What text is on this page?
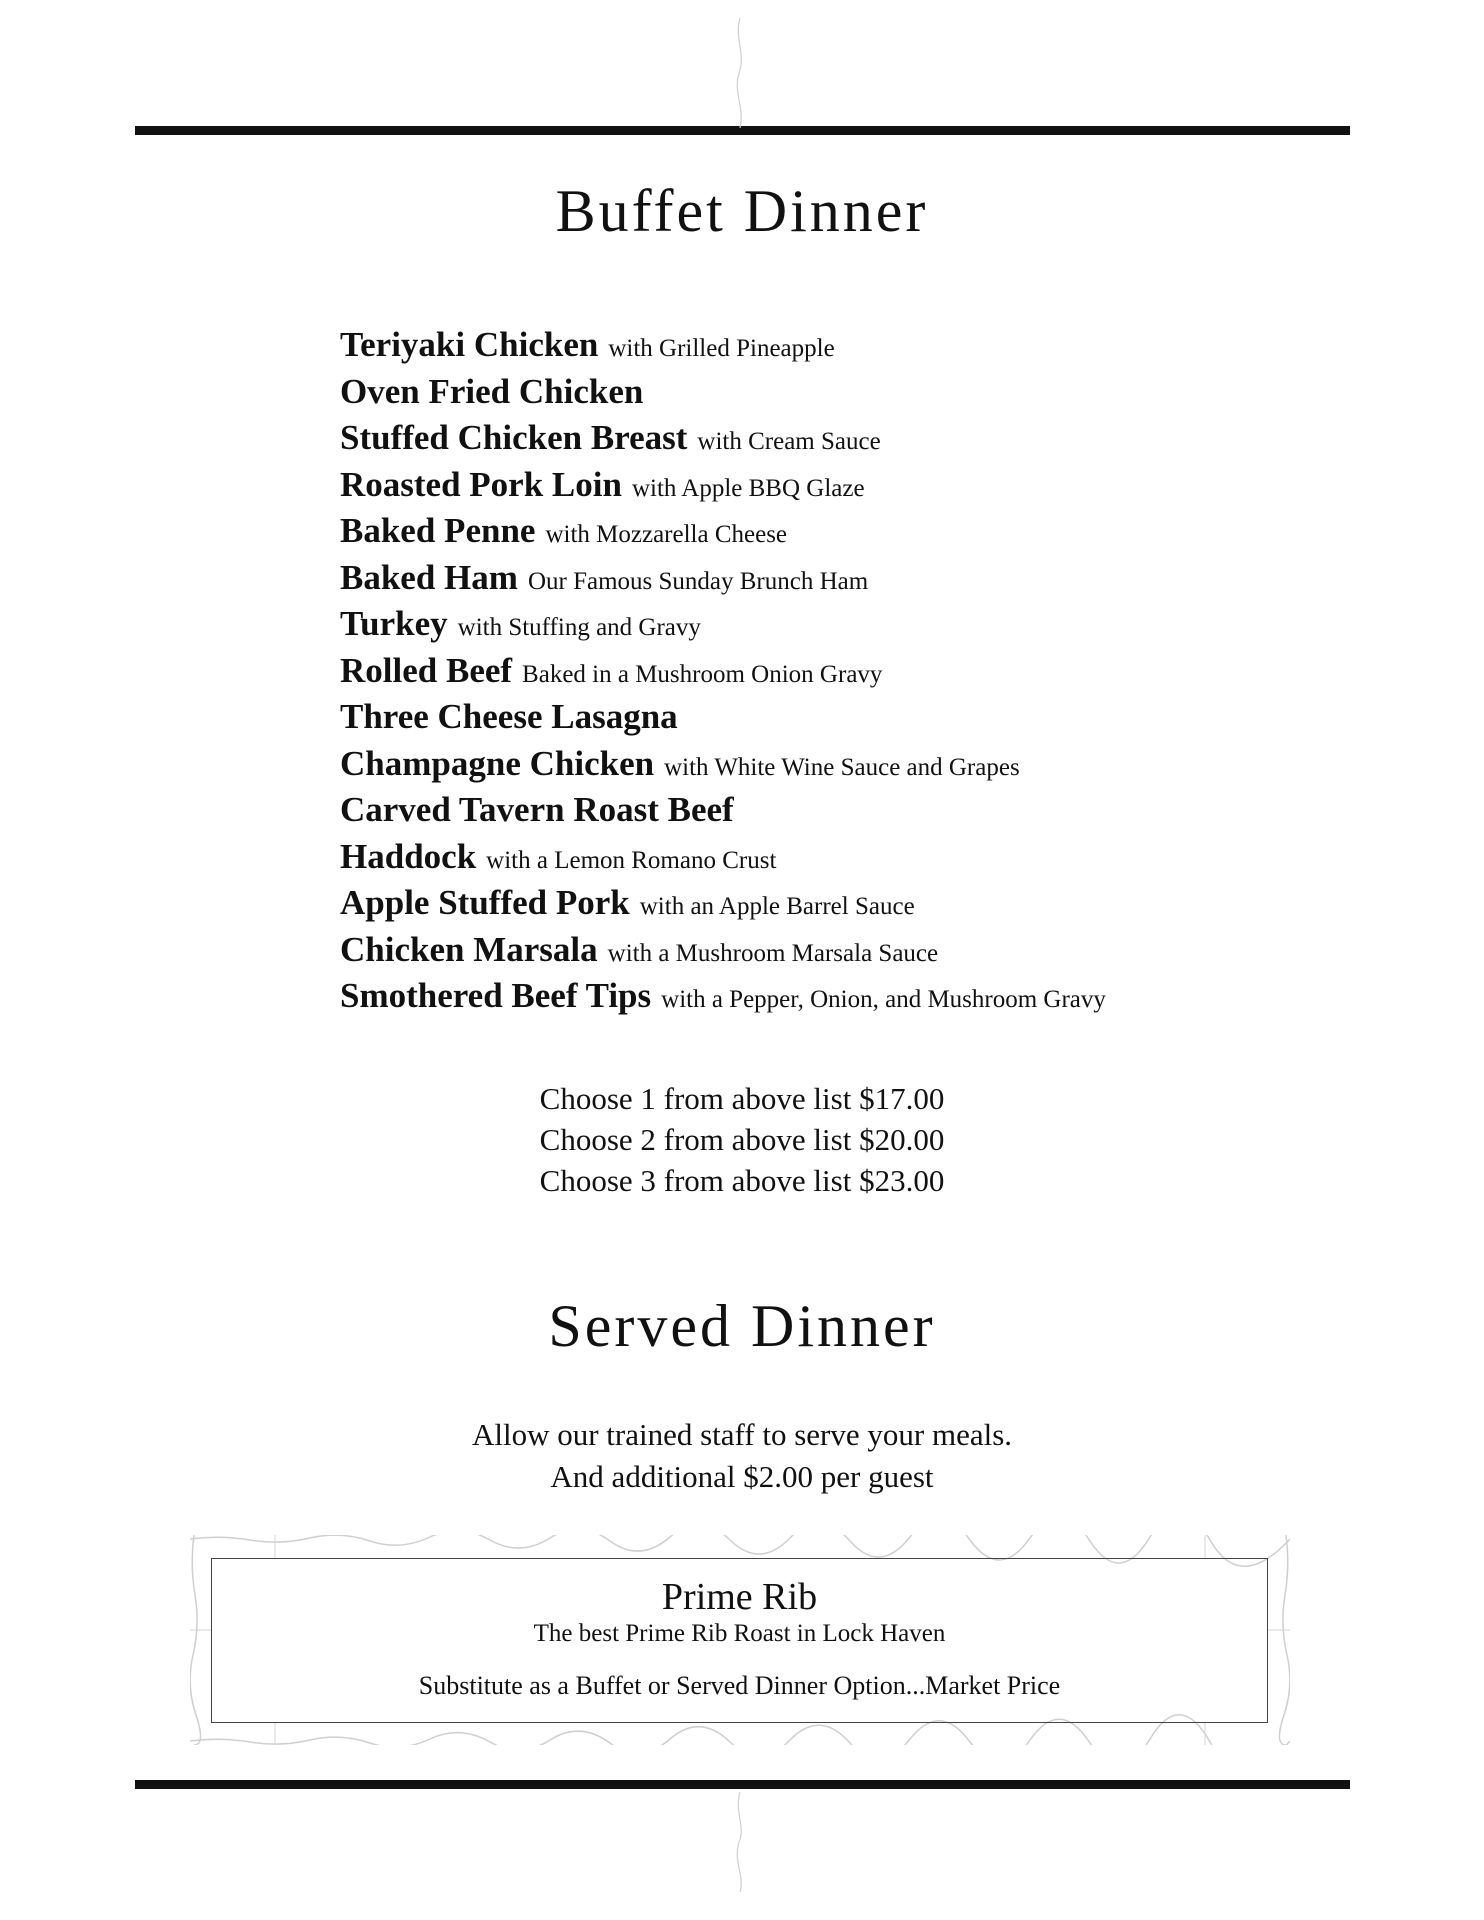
Buffet Dinner
Teriyaki Chicken with Grilled Pineapple
Oven Fried Chicken
Stuffed Chicken Breast with Cream Sauce
Roasted Pork Loin with Apple BBQ Glaze
Baked Penne with Mozzarella Cheese
Baked Ham Our Famous Sunday Brunch Ham
Turkey with Stuffing and Gravy
Rolled Beef Baked in a Mushroom Onion Gravy
Three Cheese Lasagna
Champagne Chicken with White Wine Sauce and Grapes
Carved Tavern Roast Beef
Haddock with a Lemon Romano Crust
Apple Stuffed Pork with an Apple Barrel Sauce
Chicken Marsala with a Mushroom Marsala Sauce
Smothered Beef Tips with a Pepper, Onion, and Mushroom Gravy
Choose 1 from above list $17.00
Choose 2 from above list $20.00
Choose 3 from above list $23.00
Served Dinner
Allow our trained staff to serve your meals.
And additional $2.00 per guest
Prime Rib
The best Prime Rib Roast in Lock Haven
Substitute as a Buffet or Served Dinner Option...Market Price
